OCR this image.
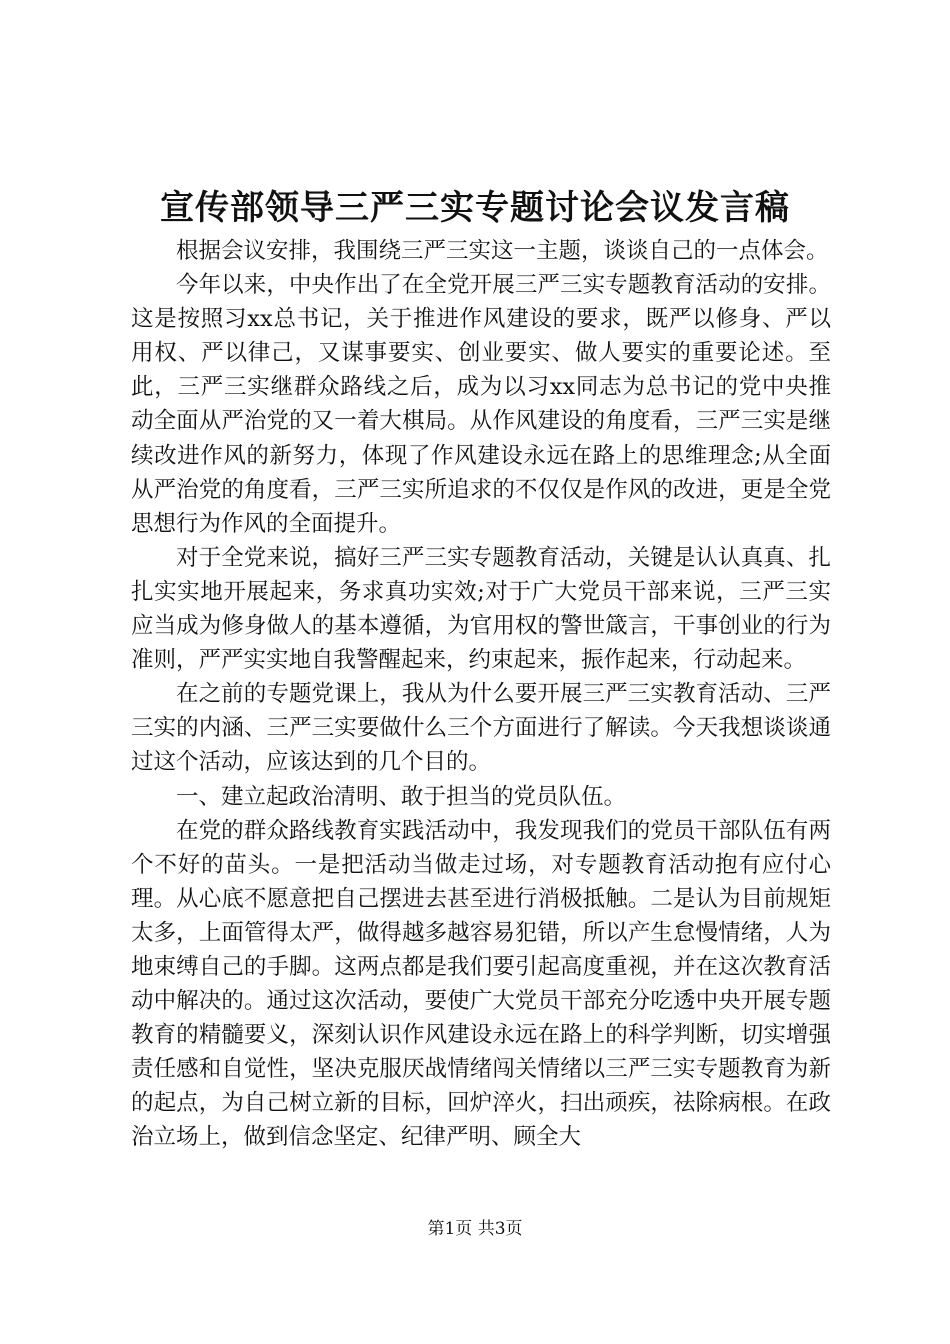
宣传部领导三严三实专题讨论会议发言稿

根据会议安排，我围绕三严三实这一主题，谈谈自己的一点体会。

今年以来，中央作出了在全党开展三严三实专题教育活动的安排。这是按照习xx总书记，关于推进作风建设的要求，既严以修身、严以用权、严以律己，又谋事要实、创业要实、做人要实的重要论述。至此，三严三实继群众路线之后，成为以习xx同志为总书记的党中央推动全面从严治党的又一着大棋局。从作风建设的角度看，三严三实是继续改进作风的新努力，体现了作风建设永远在路上的思维理念;从全面从严治党的角度看，三严三实所追求的不仅仅是作风的改进，更是全党思想行为作风的全面提升。

对于全党来说，搞好三严三实专题教育活动，关键是认认真真、扎扎实实地开展起来，务求真功实效;对于广大党员干部来说，三严三实应当成为修身做人的基本遵循，为官用权的警世箴言，干事创业的行为准则，严严实实地自我警醒起来，约束起来，振作起来，行动起来。

在之前的专题党课上，我从为什么要开展三严三实教育活动、三严三实的内涵、三严三实要做什么三个方面进行了解读。今天我想谈谈通过这个活动，应该达到的几个目的。

一、建立起政治清明、敢于担当的党员队伍。

在党的群众路线教育实践活动中，我发现我们的党员干部队伍有两个不好的苗头。一是把活动当做走过场，对专题教育活动抱有应付心理。从心底不愿意把自己摆进去甚至进行消极抵触。二是认为目前规矩太多，上面管得太严，做得越多越容易犯错，所以产生怠慢情绪，人为地束缚自己的手脚。这两点都是我们要引起高度重视，并在这次教育活动中解决的。通过这次活动，要使广大党员干部充分吃透中央开展专题教育的精髓要义，深刻认识作风建设永远在路上的科学判断，切实增强责任感和自觉性，坚决克服厌战情绪闯关情绪以三严三实专题教育为新的起点，为自己树立新的目标，回炉淬火，扫出顽疾，祛除病根。在政治立场上，做到信念坚定、纪律严明、顾全大

第1页 共3页
